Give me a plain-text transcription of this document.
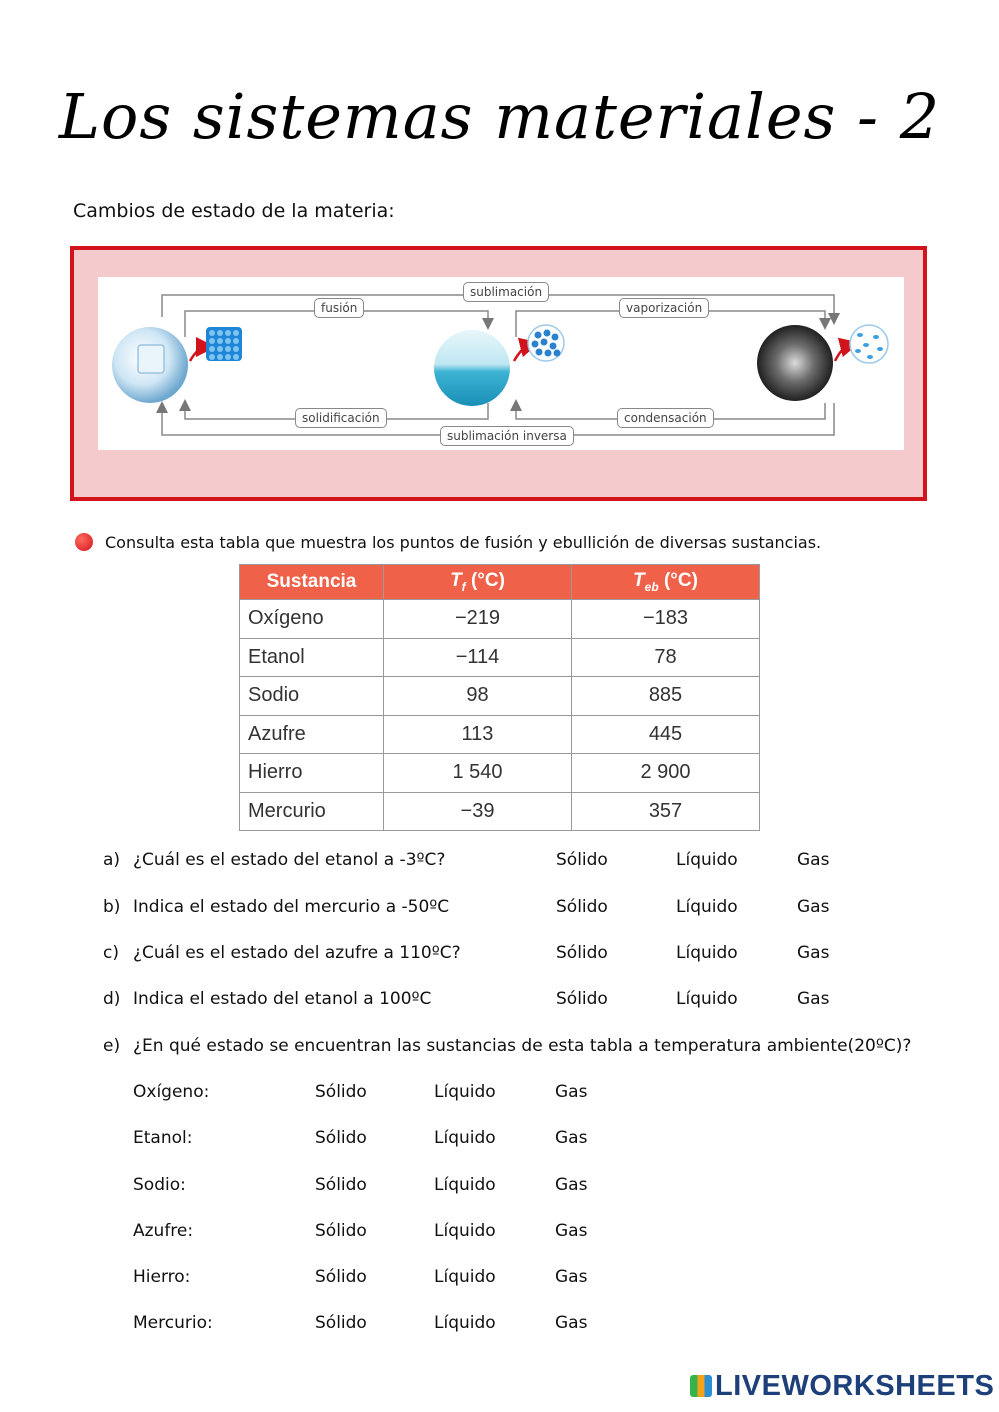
Los sistemas materiales - 2
Cambios de estado de la materia:
sublimación
fusión	vaporización
solidificación	condensación
sublimación inversa
Consulta esta tabla que muestra los puntos de fusión y ebullición de diversas sustancias.
Sustancia	$T_f$ (°C)	$T_{eb}$ (°C)
Oxígeno	−219	−183
Etanol	−114	78
Sodio	98	885
Azufre	113	445
Hierro	1 540	2 900
Mercurio	−39	357
a) ¿Cuál es el estado del etanol a -3ºC?	Sólido	Líquido	Gas
b) Indica el estado del mercurio a -50ºC	Sólido	Líquido	Gas
c) ¿Cuál es el estado del azufre a 110ºC?	Sólido	Líquido	Gas
d) Indica el estado del etanol a 100ºC	Sólido	Líquido	Gas
e) ¿En qué estado se encuentran las sustancias de esta tabla a temperatura ambiente(20ºC)?
Oxígeno:	Sólido	Líquido	Gas
Etanol:	Sólido	Líquido	Gas
Sodio:	Sólido	Líquido	Gas
Azufre:	Sólido	Líquido	Gas
Hierro:	Sólido	Líquido	Gas
Mercurio:	Sólido	Líquido	Gas
LIVEWORKSHEETS
